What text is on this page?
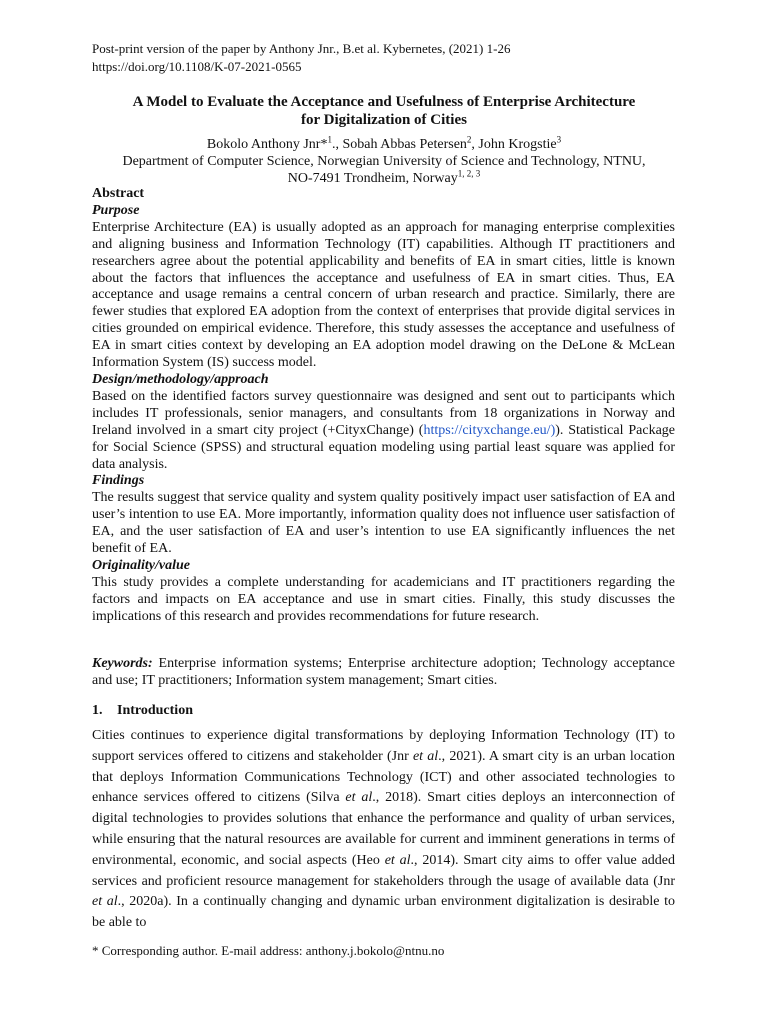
Post-print version of the paper by Anthony Jnr., B.et al. Kybernetes, (2021) 1-26
https://doi.org/10.1108/K-07-2021-0565
A Model to Evaluate the Acceptance and Usefulness of Enterprise Architecture
for Digitalization of Cities
Bokolo Anthony Jnr*$^1$., Sobah Abbas Petersen$^2$, John Krogstie$^3$
Department of Computer Science, Norwegian University of Science and Technology, NTNU,
NO-7491 Trondheim, Norway$^{1, 2, 3}$
Abstract
Purpose
Enterprise Architecture (EA) is usually adopted as an approach for managing enterprise complexities and aligning business and Information Technology (IT) capabilities. Although IT practitioners and researchers agree about the potential applicability and benefits of EA in smart cities, little is known about the factors that influences the acceptance and usefulness of EA in smart cities. Thus, EA acceptance and usage remains a central concern of urban research and practice. Similarly, there are fewer studies that explored EA adoption from the context of enterprises that provide digital services in cities grounded on empirical evidence. Therefore, this study assesses the acceptance and usefulness of EA in smart cities context by developing an EA adoption model drawing on the DeLone & McLean Information System (IS) success model.
Design/methodology/approach
Based on the identified factors survey questionnaire was designed and sent out to participants which includes IT professionals, senior managers, and consultants from 18 organizations in Norway and Ireland involved in a smart city project (+CityxChange) (https://cityxchange.eu/)). Statistical Package for Social Science (SPSS) and structural equation modeling using partial least square was applied for data analysis.
Findings
The results suggest that service quality and system quality positively impact user satisfaction of EA and user’s intention to use EA. More importantly, information quality does not influence user satisfaction of EA, and the user satisfaction of EA and user’s intention to use EA significantly influences the net benefit of EA.
Originality/value
This study provides a complete understanding for academicians and IT practitioners regarding the factors and impacts on EA acceptance and use in smart cities. Finally, this study discusses the implications of this research and provides recommendations for future research.
Keywords: Enterprise information systems; Enterprise architecture adoption; Technology acceptance and use; IT practitioners; Information system management; Smart cities.
1. Introduction
Cities continues to experience digital transformations by deploying Information Technology (IT) to support services offered to citizens and stakeholder (Jnr et al., 2021). A smart city is an urban location that deploys Information Communications Technology (ICT) and other associated technologies to enhance services offered to citizens (Silva et al., 2018). Smart cities deploys an interconnection of digital technologies to provides solutions that enhance the performance and quality of urban services, while ensuring that the natural resources are available for current and imminent generations in terms of environmental, economic, and social aspects (Heo et al., 2014). Smart city aims to offer value added services and proficient resource management for stakeholders through the usage of available data (Jnr et al., 2020a). In a continually changing and dynamic urban environment digitalization is desirable to be able to
* Corresponding author. E-mail address: anthony.j.bokolo@ntnu.no
